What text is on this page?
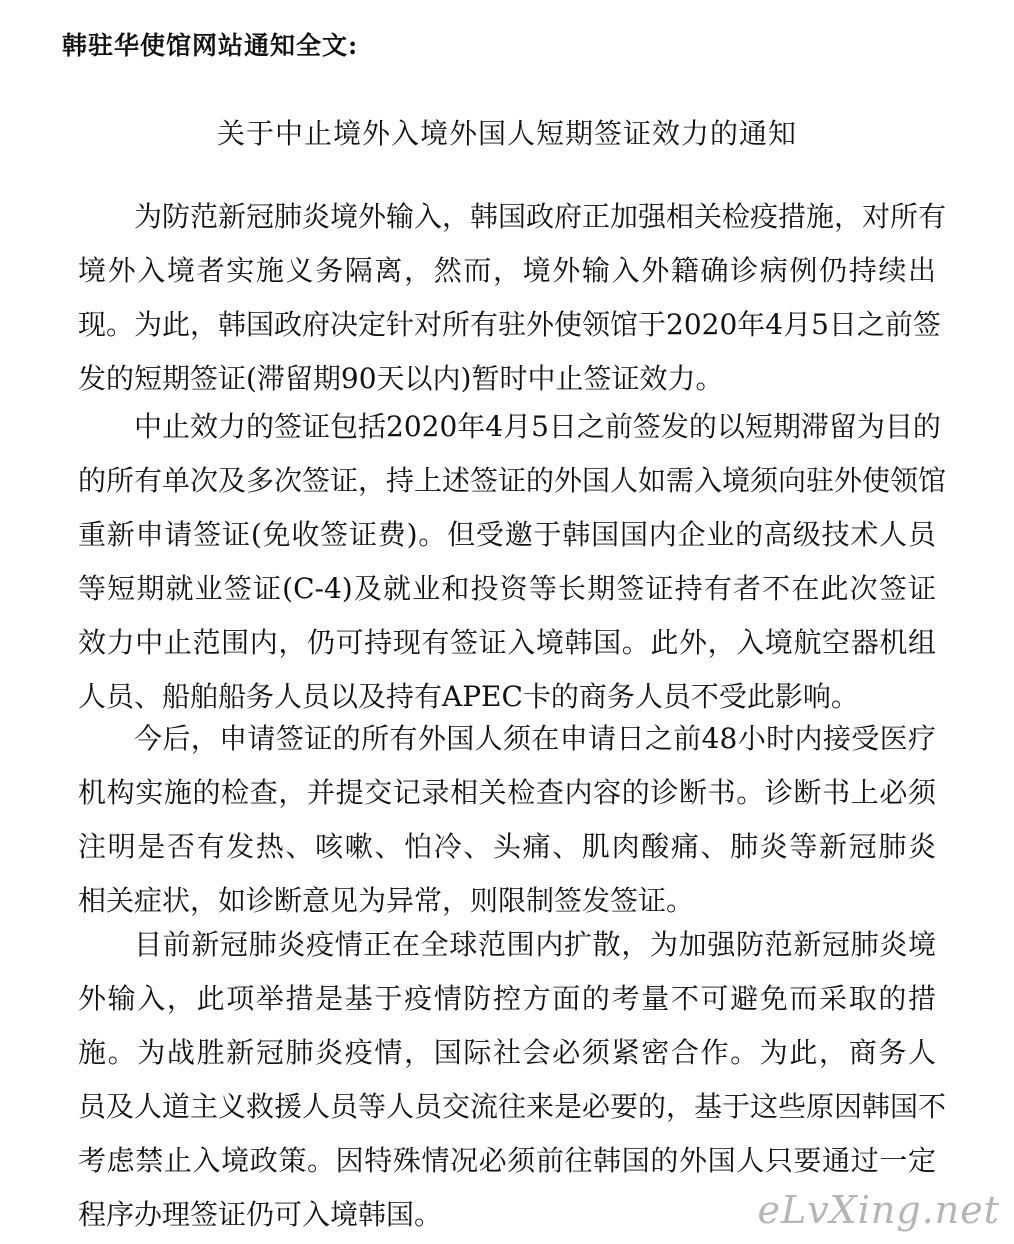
韩驻华使馆网站通知全文:
关于中止境外入境外国人短期签证效力的通知

为防范新冠肺炎境外输入，韩国政府正加强相关检疫措施，对所有
境外入境者实施义务隔离，然而，境外输入外籍确诊病例仍持续出
现。为此，韩国政府决定针对所有驻外使领馆于2020年4月5日之前签
发的短期签证(滞留期90天以内)暂时中止签证效力。

中止效力的签证包括2020年4月5日之前签发的以短期滞留为目的
的所有单次及多次签证，持上述签证的外国人如需入境须向驻外使领馆
重新申请签证(免收签证费)。但受邀于韩国国内企业的高级技术人员
等短期就业签证(C-4)及就业和投资等长期签证持有者不在此次签证
效力中止范围内，仍可持现有签证入境韩国。此外，入境航空器机组
人员、船舶船务人员以及持有APEC卡的商务人员不受此影响。

今后，申请签证的所有外国人须在申请日之前48小时内接受医疗
机构实施的检查，并提交记录相关检查内容的诊断书。诊断书上必须
注明是否有发热、咳嗽、怕冷、头痛、肌肉酸痛、肺炎等新冠肺炎
相关症状，如诊断意见为异常，则限制签发签证。

目前新冠肺炎疫情正在全球范围内扩散，为加强防范新冠肺炎境
外输入，此项举措是基于疫情防控方面的考量不可避免而采取的措
施。为战胜新冠肺炎疫情，国际社会必须紧密合作。为此，商务人
员及人道主义救援人员等人员交流往来是必要的，基于这些原因韩国不
考虑禁止入境政策。因特殊情况必须前往韩国的外国人只要通过一定
程序办理签证仍可入境韩国。	eLvXing.net
